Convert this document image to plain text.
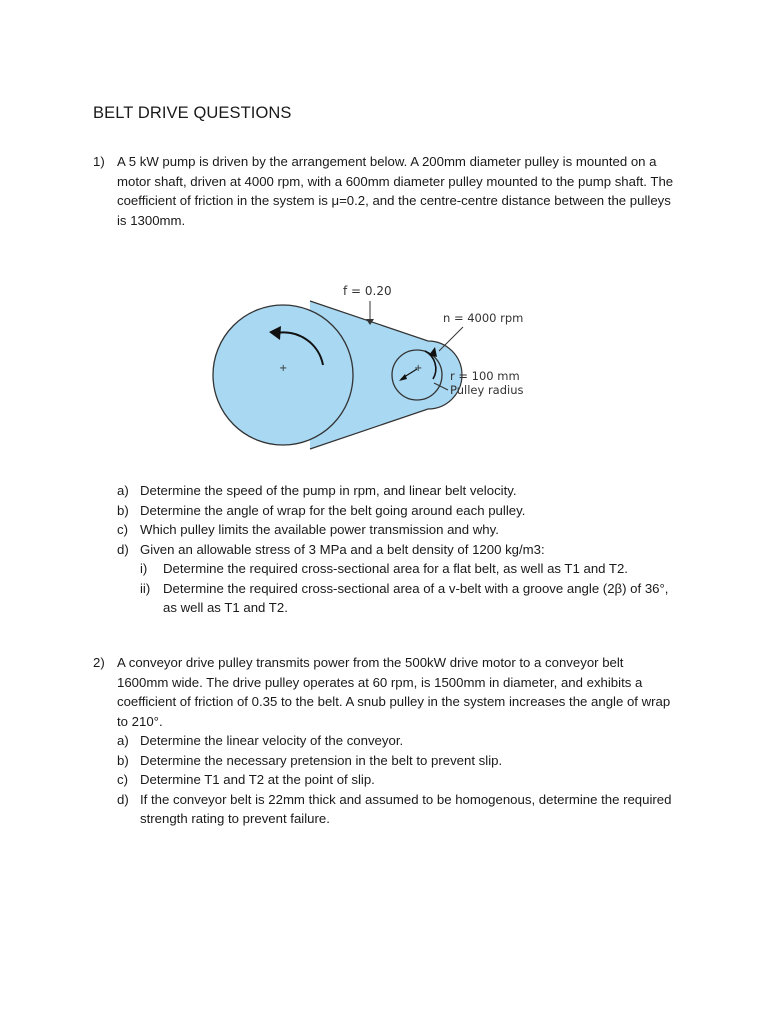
BELT DRIVE QUESTIONS
1) A 5 kW pump is driven by the arrangement below. A 200mm diameter pulley is mounted on a motor shaft, driven at 4000 rpm, with a 600mm diameter pulley mounted to the pump shaft. The coefficient of friction in the system is μ=0.2, and the centre-centre distance between the pulleys is 1300mm.

+	+
f = 0.20
n = 4000 rpm
r = 100 mm
Pulley radius
a) Determine the speed of the pump in rpm, and linear belt velocity.
b) Determine the angle of wrap for the belt going around each pulley.
c) Which pulley limits the available power transmission and why.
d) Given an allowable stress of 3 MPa and a belt density of 1200 kg/m3:
i) Determine the required cross-sectional area for a flat belt, as well as T1 and T2.
ii) Determine the required cross-sectional area of a v-belt with a groove angle (2β) of 36°, as well as T1 and T2.
2) A conveyor drive pulley transmits power from the 500kW drive motor to a conveyor belt 1600mm wide. The drive pulley operates at 60 rpm, is 1500mm in diameter, and exhibits a coefficient of friction of 0.35 to the belt. A snub pulley in the system increases the angle of wrap to 210°.

a) Determine the linear velocity of the conveyor.
b) Determine the necessary pretension in the belt to prevent slip.
c) Determine T1 and T2 at the point of slip.
d) If the conveyor belt is 22mm thick and assumed to be homogenous, determine the required strength rating to prevent failure.
